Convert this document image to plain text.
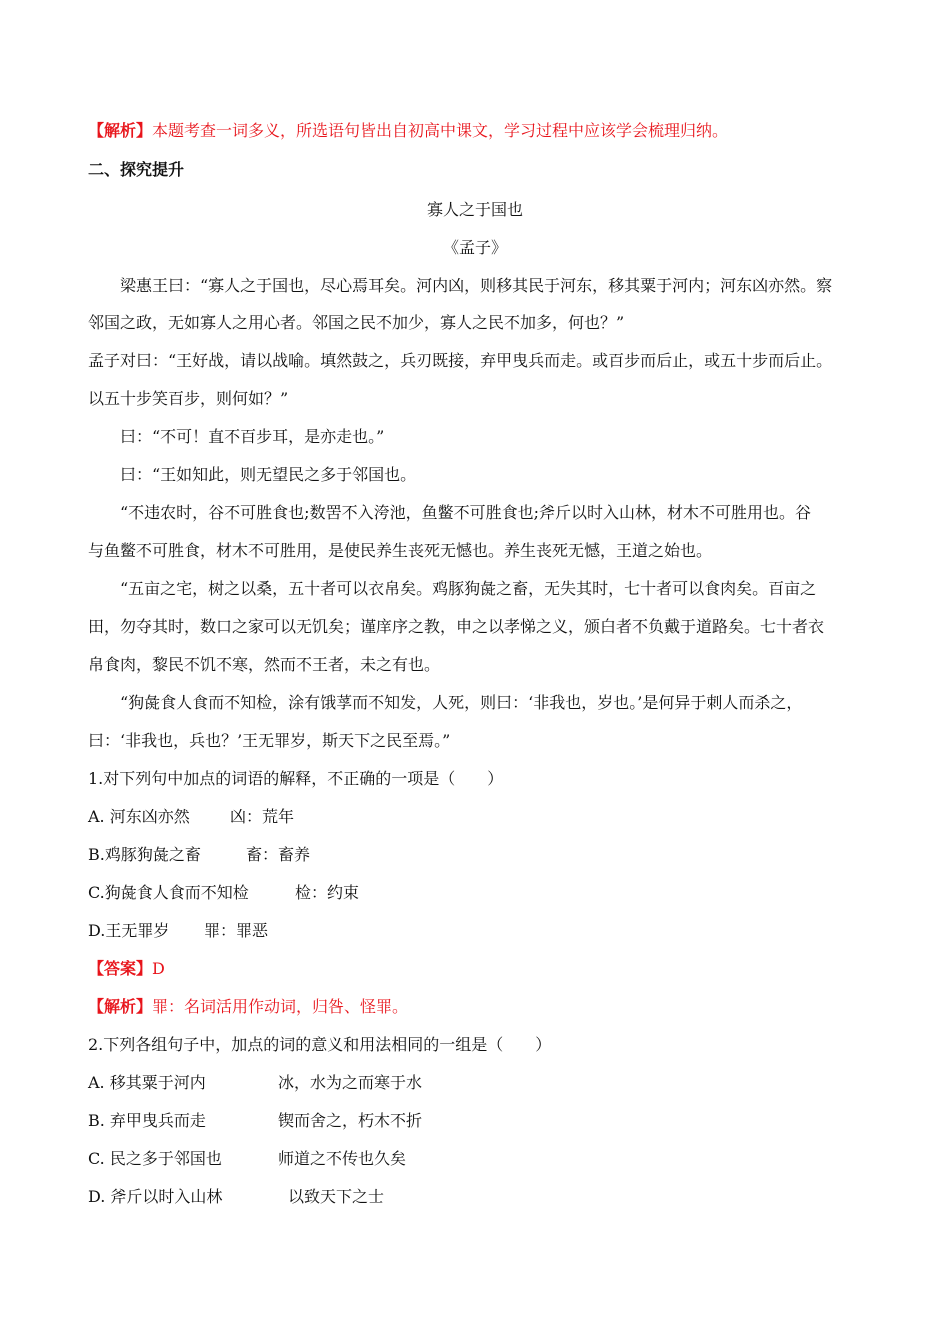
【解析】本题考查一词多义，所选语句皆出自初高中课文，学习过程中应该学会梳理归纳。
二、探究提升
寡人之于国也
《孟子》
梁惠王曰：“寡人之于国也，尽心焉耳矣。河内凶，则移其民于河东，移其粟于河内；河东凶亦然。察
邻国之政，无如寡人之用心者。邻国之民不加少，寡人之民不加多，何也？”
孟子对曰：“王好战，请以战喻。填然鼓之，兵刃既接，弃甲曳兵而走。或百步而后止，或五十步而后止。
以五十步笑百步，则何如？”
曰：“不可！直不百步耳，是亦走也。”
曰：“王如知此，则无望民之多于邻国也。
“不违农时，谷不可胜食也;数罟不入洿池，鱼鳖不可胜食也;斧斤以时入山林，材木不可胜用也。谷
与鱼鳖不可胜食，材木不可胜用，是使民养生丧死无憾也。养生丧死无憾，王道之始也。
“五亩之宅，树之以桑，五十者可以衣帛矣。鸡豚狗彘之畜，无失其时，七十者可以食肉矣。百亩之
田，勿夺其时，数口之家可以无饥矣；谨庠序之教，申之以孝悌之义，颁白者不负戴于道路矣。七十者衣
帛食肉，黎民不饥不寒，然而不王者，未之有也。
“狗彘食人食而不知检，涂有饿莩而不知发，人死，则曰：‘非我也，岁也。’是何异于刺人而杀之，
曰：‘非我也，兵也？’王无罪岁，斯天下之民至焉。”
1.对下列句中加点的词语的解释，不正确的一项是（　　）
A. 河东凶亦然	凶：荒年
B.鸡豚狗彘之畜	畜：畜养
C.狗彘食人食而不知检	检：约束
D.王无罪岁 罪：罪恶
【答案】D
【解析】罪：名词活用作动词，归咎、怪罪。
2.下列各组句子中，加点的词的意义和用法相同的一组是（　　）
A. 移其粟于河内	冰，水为之而寒于水
B. 弃甲曳兵而走	锲而舍之，朽木不折
C. 民之多于邻国也	师道之不传也久矣
D. 斧斤以时入山林	以致天下之士
